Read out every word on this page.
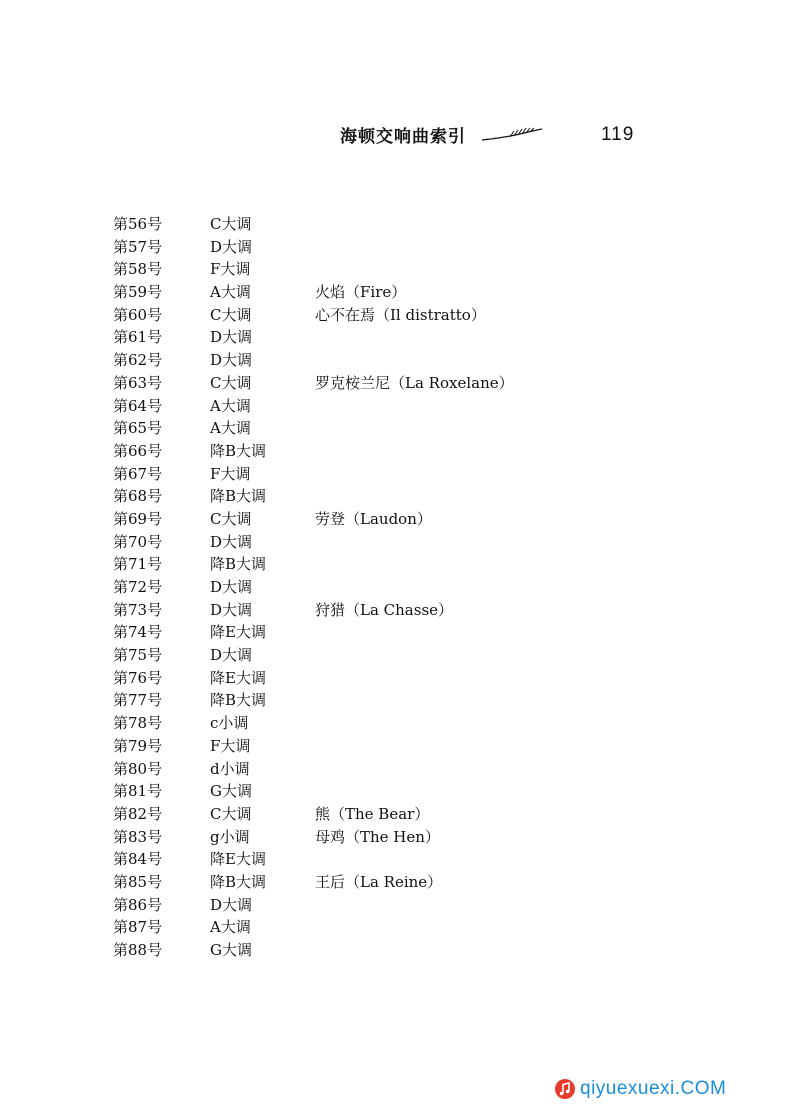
海顿交响曲索引	119
第56号	C大调
第57号	D大调
第58号	F大调
第59号	A大调	火焰（Fire）
第60号	C大调	心不在焉（Il distratto）
第61号	D大调
第62号	D大调
第63号	C大调	罗克桉兰尼（La Roxelane）
第64号	A大调
第65号	A大调
第66号	降B大调
第67号	F大调
第68号	降B大调
第69号	C大调	劳登（Laudon）
第70号	D大调
第71号	降B大调
第72号	D大调
第73号	D大调	狩猎（La Chasse）
第74号	降E大调
第75号	D大调
第76号	降E大调
第77号	降B大调
第78号	c小调
第79号	F大调
第80号	d小调
第81号	G大调
第82号	C大调	熊（The Bear）
第83号	g小调	母鸡（The Hen）
第84号	降E大调
第85号	降B大调	王后（La Reine）
第86号	D大调
第87号	A大调
第88号	G大调
qiyuexuexi.COM
